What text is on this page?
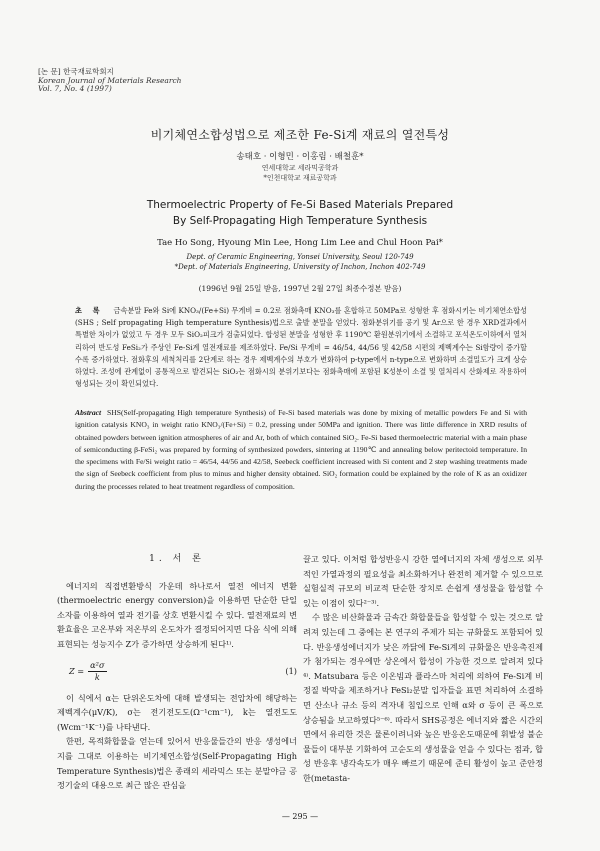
[논 문] 한국재료학회지
Korean Journal of Materials Research
Vol. 7, No. 4 (1997)
비기체연소합성법으로 제조한 Fe-Si계 재료의 열전특성
송태호 · 이형민 · 이홍림 · 배철훈*
연세대학교 세라믹공학과
*인천대학교 재료공학과
Thermoelectric Property of Fe-Si Based Materials Prepared
By Self-Propagating High Temperature Synthesis
Tae Ho Song, Hyoung Min Lee, Hong Lim Lee and Chul Hoon Pai*
Dept. of Ceramic Engineering, Yonsei University, Seoul 120-749
*Dept. of Materials Engineering, University of Inchon, Inchon 402-749
(1996년 9월 25일 받음, 1997년 2월 27일 최종수정본 받음)
초 록 금속분말 Fe와 Si에 KNO₃/(Fe+Si) 무게비 = 0.2로 점화촉매 KNO₃를 혼합하고 50MPa로 성형한 후 점화시키는 비기체연소합성(SHS ; Self propagating High temperature Synthesis)법으로 출발 분말을 얻었다. 점화분위기를 공기 및 Ar으로 한 경우 XRD결과에서 특별한 차이가 없었고 두 경우 모두 SiO₂피크가 검출되었다. 합성된 분말을 성형한 후 1190℃ 환원분위기에서 소결하고 포석온도이하에서 열처리하여 반도성 FeSi₂가 주상인 Fe-Si계 열전재료를 제조하였다. Fe/Si 무게비 = 46/54, 44/56 및 42/58 시편의 제벡계수는 Si함량이 증가할수록 증가하였다. 점화후의 세척처리를 2단계로 하는 경우 제벡계수의 부호가 변화하여 p-type에서 n-type으로 변화하며 소결밀도가 크게 상승하였다. 조성에 관계없이 공통적으로 발견되는 SiO₂는 점화시의 분위기보다는 점화촉매에 포함된 K성분이 소결 및 열처리시 산화제로 작용하여 형성되는 것이 확인되었다.
Abstract SHS(Self-propagating High temperature Synthesis) of Fe-Si based materials was done by mixing of metallic powders Fe and Si with ignition catalysis KNO₃ in weight ratio KNO₃/(Fe+Si) = 0.2, pressing under 50MPa and ignition. There was little difference in XRD results of obtained powders between ignition atmospheres of air and Ar, both of which contained SiO₂. Fe-Si based thermoelectric material with a main phase of semiconducting β-FeSi₂ was prepared by forming of synthesized powders, sintering at 1190℃ and annealing below peritectoid temperature. In the specimens with Fe/Si weight ratio = 46/54, 44/56 and 42/58, Seebeck coefficient increased with Si content and 2 step washing treatments made the sign of Seebeck coefficient from plus to minus and higher density obtained. SiO₂ formation could be explained by the role of K as an oxidizer during the processes related to heat treatment regardless of composition.
1. 서 론

에너지의 직접변환방식 가운데 하나로서 열전 에너지 변환(thermoelectric energy conversion)을 이용하면 단순한 단일 소자를 이용하여 열과 전기를 상호 변환시킬 수 있다. 열전재료의 변환효율은 고온부와 저온부의 온도차가 결정되어지면 다음 식에 의해 표현되는 성능지수 Z가 증가하면 상승하게 된다¹⁾.

$Z = \frac{\text{α²σ}}{k}$	(1)

이 식에서 α는 단위온도차에 대해 발생되는 전압차에 해당하는 제벡계수(μV/K), σ는 전기전도도(Ω⁻¹cm⁻¹), k는 열전도도(Wcm⁻¹K⁻¹)를 나타낸다.

한편, 목적화합물을 얻는데 있어서 반응물들간의 반응 생성에너지를 그대로 이용하는 비기체연소합성(Self-Propagating High Temperature Synthesis)법은 종래의 세라믹스 또는 분말야금 공정기술의 대용으로 최근 많은 관심을

끌고 있다. 이처럼 합성반응시 강한 열에너지의 자체 생성으로 외부적인 가열과정의 필요성을 최소화하거나 완전히 제거할 수 있으므로 실험실적 규모의 비교적 단순한 장치로 손쉽게 생성물을 합성할 수 있는 이점이 있다²⁻³⁾.

수 많은 비산화물과 금속간 화합물들을 합성할 수 있는 것으로 알려져 있는데 그 중에는 본 연구의 주제가 되는 규화물도 포함되어 있다. 반응생성에너지가 낮은 까닭에 Fe-Si계의 규화물은 반응촉진제가 첨가되는 경우에만 상온에서 합성이 가능한 것으로 알려져 있다⁴⁾. Matsubara 등은 이온빔과 플라스마 처리에 의하여 Fe-Si계 비정질 박막을 제조하거나 FeSi₂분말 입자들을 표면 처리하여 소결하면 산소나 규소 등의 격자내 침입으로 인해 α와 σ 등이 큰 폭으로 상승됨을 보고하였다⁵⁻⁶⁾. 따라서 SHS공정은 에너지와 짧은 시간의 면에서 유리한 것은 물론이려니와 높은 반응온도때문에 휘발성 불순물들이 대부분 기화하여 고순도의 생성물을 얻을 수 있다는 점과, 합성 반응후 냉각속도가 매우 빠르기 때문에 준티 활성이 높고 준안정한(metasta-

— 295 —
